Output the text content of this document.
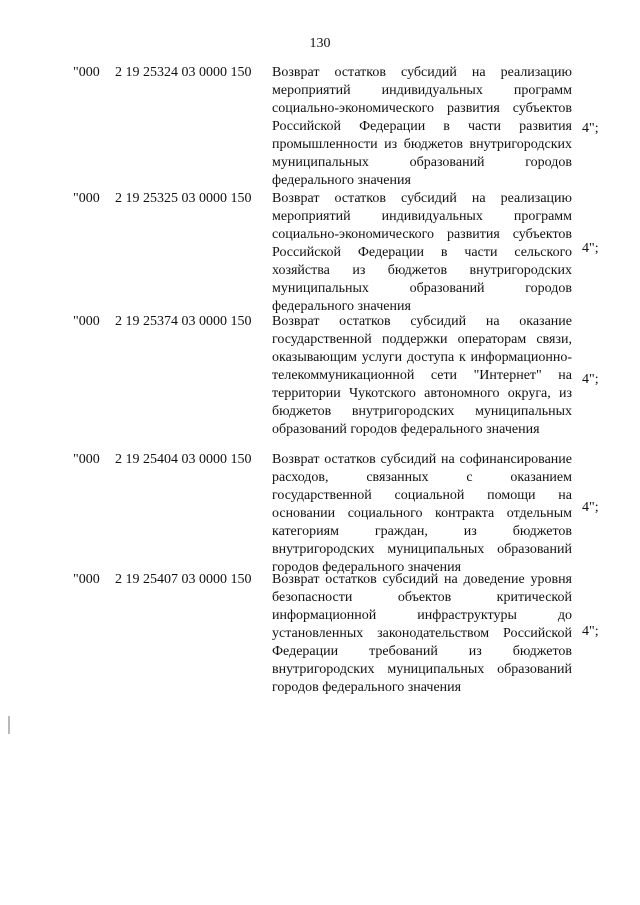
130
"000 2 19 25324 03 0000 150 Возврат остатков субсидий на реализацию мероприятий индивидуальных программ социально-экономического развития субъектов Российской Федерации в части развития промышленности из бюджетов внутригородских муниципальных образований городов федерального значения
4";
"000 2 19 25325 03 0000 150 Возврат остатков субсидий на реализацию мероприятий индивидуальных программ социально-экономического развития субъектов Российской Федерации в части сельского хозяйства из бюджетов внутригородских муниципальных образований городов федерального значения
4";
"000 2 19 25374 03 0000 150 Возврат остатков субсидий на оказание государственной поддержки операторам связи, оказывающим услуги доступа к информационно-телекоммуникационной сети "Интернет" на территории Чукотского автономного округа, из бюджетов внутригородских муниципальных образований городов федерального значения
4";
"000 2 19 25404 03 0000 150 Возврат остатков субсидий на софинансирование расходов, связанных с оказанием государственной социальной помощи на основании социального контракта отдельным категориям граждан, из бюджетов внутригородских муниципальных образований городов федерального значения
4";
"000 2 19 25407 03 0000 150 Возврат остатков субсидий на доведение уровня безопасности объектов критической информационной инфраструктуры до установленных законодательством Российской Федерации требований из бюджетов внутригородских муниципальных образований городов федерального значения
4";
